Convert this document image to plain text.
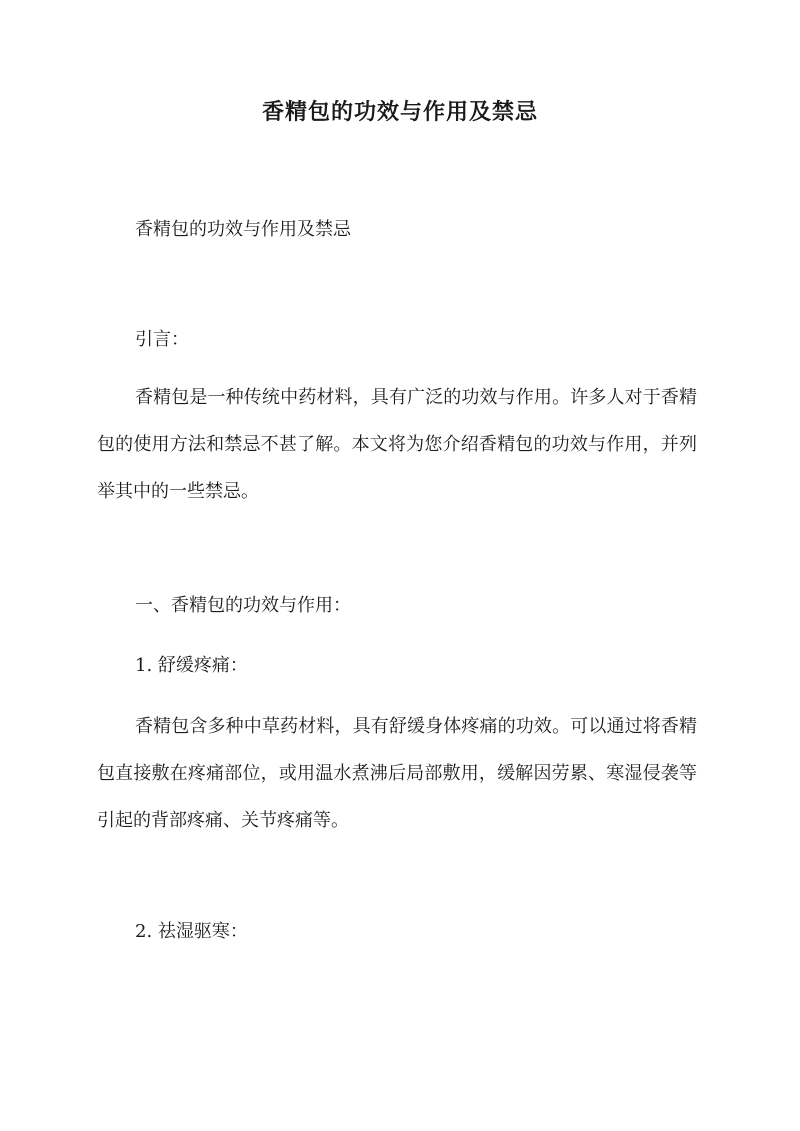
香精包的功效与作用及禁忌

香精包的功效与作用及禁忌

引言：

香精包是一种传统中药材料，具有广泛的功效与作用。许多人对于香精包的使用方法和禁忌不甚了解。本文将为您介绍香精包的功效与作用，并列举其中的一些禁忌。

一、香精包的功效与作用：

1. 舒缓疼痛：

香精包含多种中草药材料，具有舒缓身体疼痛的功效。可以通过将香精包直接敷在疼痛部位，或用温水煮沸后局部敷用，缓解因劳累、寒湿侵袭等引起的背部疼痛、关节疼痛等。

2. 祛湿驱寒：
